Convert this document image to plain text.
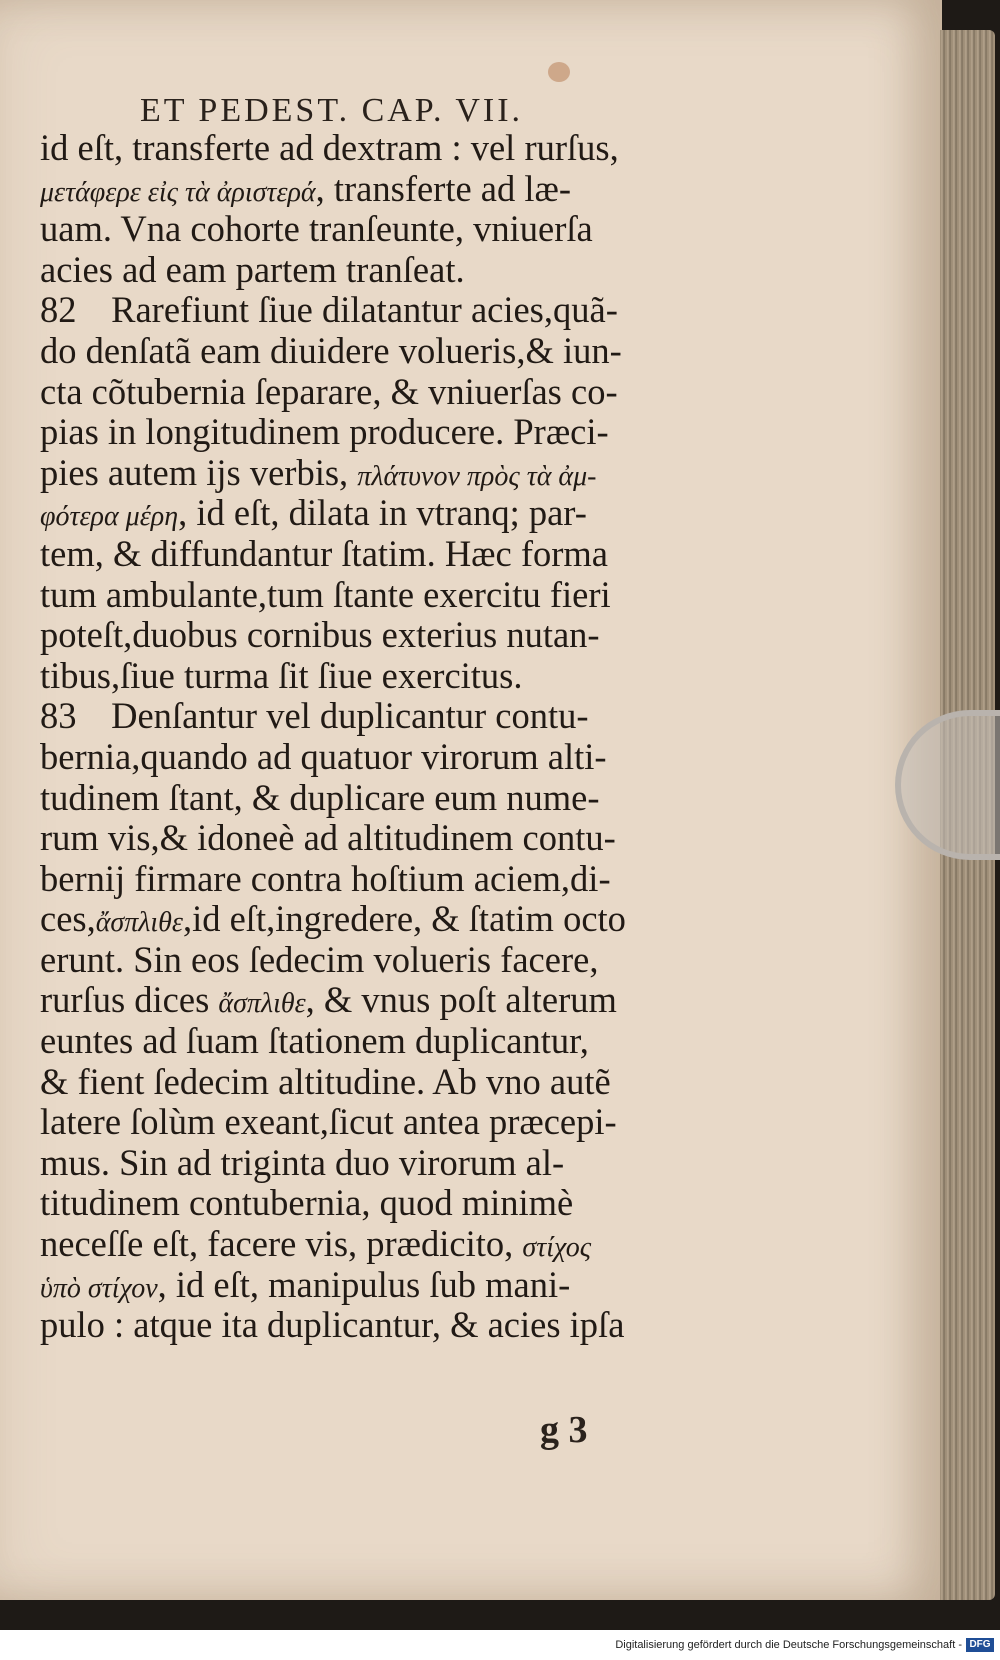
ET PEDEST. CAP. VII.
id eſt, transferte ad dextram : vel rurſus,
μετάφερε εἰς τὰ ἀριστερά, transferte ad læ-
uam. Vna cohorte tranſeunte, vniuerſa
acies ad eam partem tranſeat.
82 Rarefiunt ſiue dilatantur acies,quã-
do denſatã eam diuidere volueris,& iun-
cta cõtubernia ſeparare, & vniuerſas co-
pias in longitudinem producere. Præci-
pies autem ijs verbis, πλάτυνον πρὸς τὰ ἀμ-
φότερα μέρη, id eſt, dilata in vtranq; par-
tem, & diffundantur ſtatim. Hæc forma
tum ambulante,tum ſtante exercitu fieri
poteſt,duobus cornibus exterius nutan-
tibus,ſiue turma ſit ſiue exercitus.
83 Denſantur vel duplicantur contu-
bernia,quando ad quatuor virorum alti-
tudinem ſtant, & duplicare eum nume-
rum vis,& idoneè ad altitudinem contu-
bernij firmare contra hoſtium aciem,di-
ces,ἄσπλιθε,id eſt,ingredere, & ſtatim octo
erunt. Sin eos ſedecim volueris facere,
rurſus dices ἄσπλιθε, & vnus poſt alterum
euntes ad ſuam ſtationem duplicantur,
& fient ſedecim altitudine. Ab vno autẽ
latere ſolùm exeant,ſicut antea præcepi-
mus. Sin ad triginta duo virorum al-
titudinem contubernia, quod minimè
neceſſe eſt, facere vis, prædicito, στίχος
ὑπὸ στίχον, id eſt, manipulus ſub mani-
pulo : atque ita duplicantur, & acies ipſa
g 3
Digitalisierung gefördert durch die Deutsche Forschungsgemeinschaft - DFG
